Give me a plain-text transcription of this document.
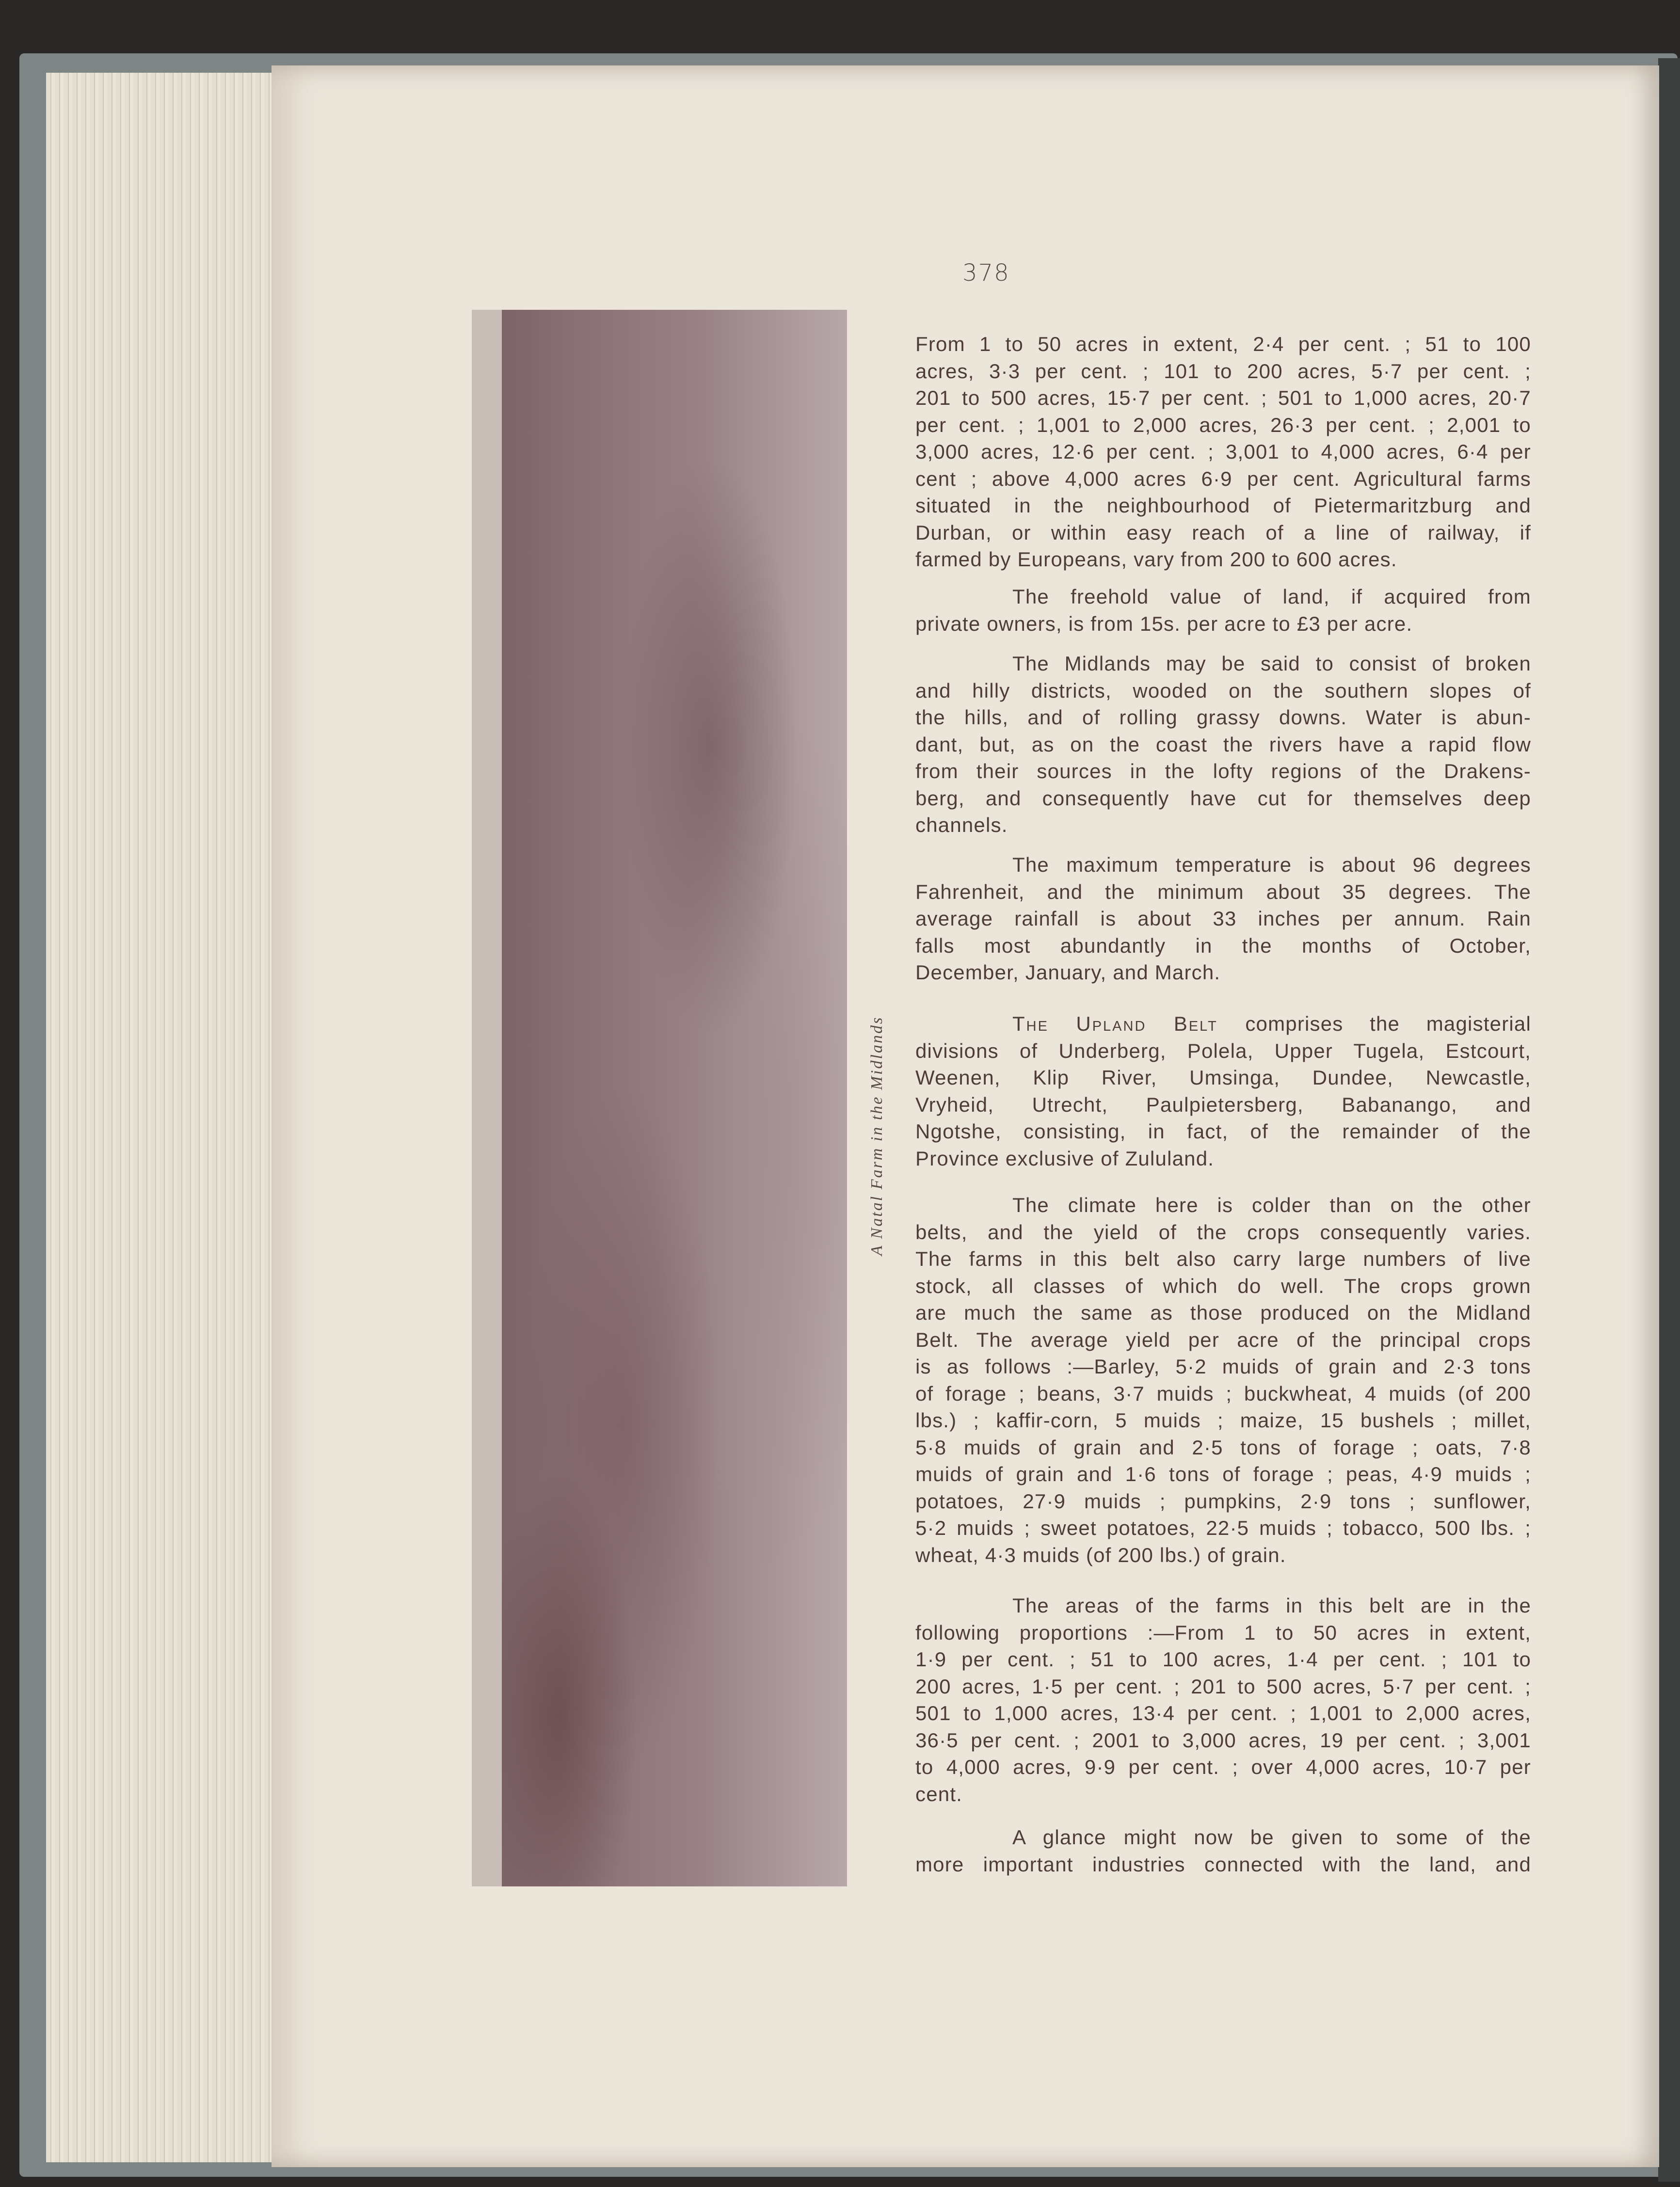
378
A Natal Farm in the Midlands
From 1 to 50 acres in extent, 2·4 per cent. ; 51 to 100
acres, 3·3 per cent. ; 101 to 200 acres, 5·7 per cent. ;
201 to 500 acres, 15·7 per cent. ; 501 to 1,000 acres, 20·7
per cent. ; 1,001 to 2,000 acres, 26·3 per cent. ; 2,001 to
3,000 acres, 12·6 per cent. ; 3,001 to 4,000 acres, 6·4 per
cent ; above 4,000 acres 6·9 per cent. Agricultural farms
situated in the neighbourhood of Pietermaritzburg and
Durban, or within easy reach of a line of railway, if
farmed by Europeans, vary from 200 to 600 acres.
The freehold value of land, if acquired from
private owners, is from 15s. per acre to £3 per acre.
The Midlands may be said to consist of broken
and hilly districts, wooded on the southern slopes of
the hills, and of rolling grassy downs. Water is abun-
dant, but, as on the coast the rivers have a rapid flow
from their sources in the lofty regions of the Drakens-
berg, and consequently have cut for themselves deep
channels.
The maximum temperature is about 96 degrees
Fahrenheit, and the minimum about 35 degrees. The
average rainfall is about 33 inches per annum. Rain
falls most abundantly in the months of October,
December, January, and March.
The Upland Belt comprises the magisterial
divisions of Underberg, Polela, Upper Tugela, Estcourt,
Weenen, Klip River, Umsinga, Dundee, Newcastle,
Vryheid, Utrecht, Paulpietersberg, Babanango, and
Ngotshe, consisting, in fact, of the remainder of the
Province exclusive of Zululand.
The climate here is colder than on the other
belts, and the yield of the crops consequently varies.
The farms in this belt also carry large numbers of live
stock, all classes of which do well. The crops grown
are much the same as those produced on the Midland
Belt. The average yield per acre of the principal crops
is as follows :—Barley, 5·2 muids of grain and 2·3 tons
of forage ; beans, 3·7 muids ; buckwheat, 4 muids (of 200
lbs.) ; kaffir-corn, 5 muids ; maize, 15 bushels ; millet,
5·8 muids of grain and 2·5 tons of forage ; oats, 7·8
muids of grain and 1·6 tons of forage ; peas, 4·9 muids ;
potatoes, 27·9 muids ; pumpkins, 2·9 tons ; sunflower,
5·2 muids ; sweet potatoes, 22·5 muids ; tobacco, 500 lbs. ;
wheat, 4·3 muids (of 200 lbs.) of grain.
The areas of the farms in this belt are in the
following proportions :—From 1 to 50 acres in extent,
1·9 per cent. ; 51 to 100 acres, 1·4 per cent. ; 101 to
200 acres, 1·5 per cent. ; 201 to 500 acres, 5·7 per cent. ;
501 to 1,000 acres, 13·4 per cent. ; 1,001 to 2,000 acres,
36·5 per cent. ; 2001 to 3,000 acres, 19 per cent. ; 3,001
to 4,000 acres, 9·9 per cent. ; over 4,000 acres, 10·7 per
cent.
A glance might now be given to some of the
more important industries connected with the land, and
